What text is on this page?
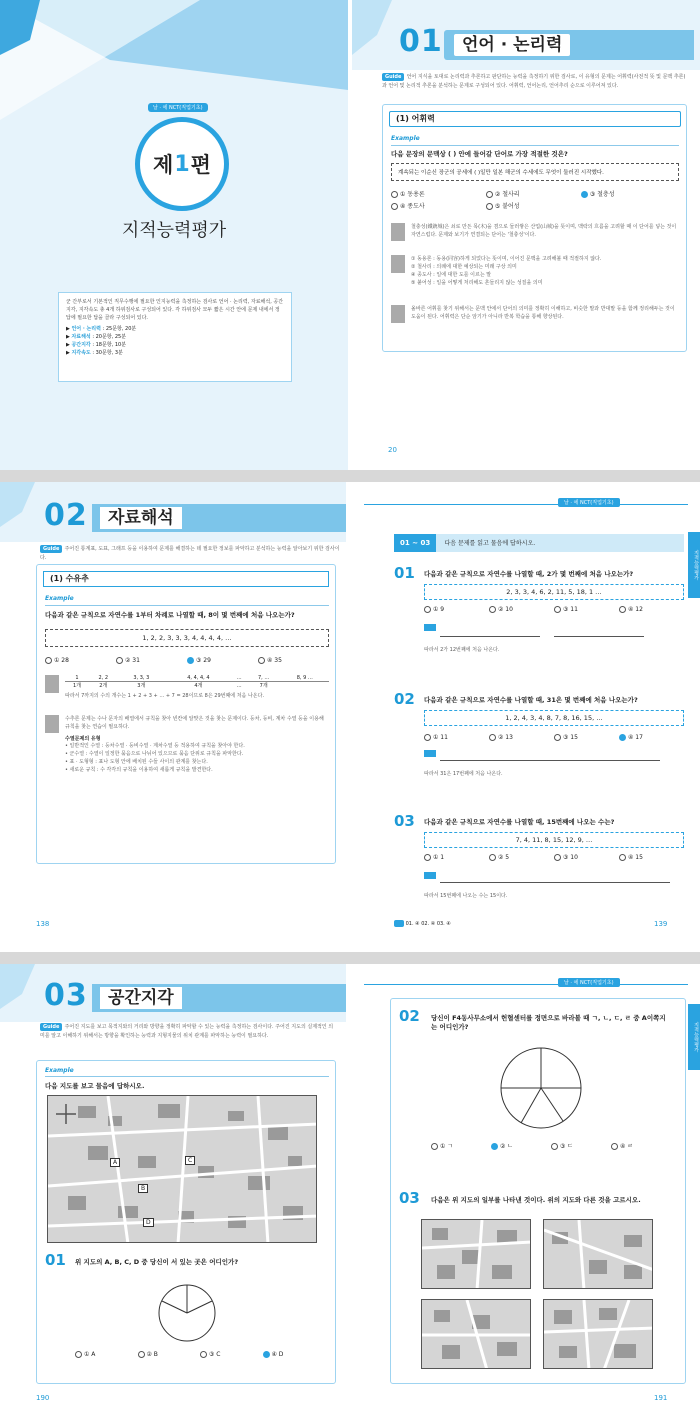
날 · 에 NCT(직업기초)
제 1 편
지적능력평가
군 간부로서 기본적인 직무수행에 필요한 인지능력을 측정하는 검사로 언어 · 논리력, 자료해석, 공간지각, 지각속도 총 4개 하위검사로 구성되어 있다. 각 하위검사 모두 짧은 시간 안에 문제 내에서 정답에 필요한 답을 골라 구성되어 있다.
▶ 언어 · 논리력 : 25문항, 20분
▶ 자료해석 : 20문항, 25분
▶ 공간지각 : 18문항, 10분
▶ 지각속도 : 30문항, 3분
01	언어 · 논리력
Guide 언어 지식을 토대로 논리력과 추론하고 판단하는 능력을 측정하기 위한 검사로, 이 유형의 문제는 어휘력(사전적 뜻 및 문맥 추론)과 언어 및 논리적 추론을 분석하는 문제로 구성되어 있다. 어휘력, 언어논리, 언어추리 순으로 이루어져 있다.
(1) 어휘력
Example
다음 문장의 문맥상 ( ) 안에 들어갈 단어로 가장 적절한 것은?
계속되는 이순신 장군의 공세에 ( )일만 일본 해군의 수세에도 무엇이 둘러진 시작했다.
① 동용론	② 철사리	③ 철충성
④ 종도사	⑤ 붙어성
철충성(鐵銃城)은 쇠로 만든 목(木)을 겸으로 둘러쌓은 산업(山城)을 뜻이며, 맥락의 흐름을 고려할 때 이 단어를 넣는 것이 자연스럽다. 문제와 보기가 연결되는 단어는 '철충성'이다.
① 동용론 : 동용(同容)하게 되었다는 뜻이며, 이어진 문맥을 고려해볼 때 적절하지 않다.
② 철사리 : 의례에 대한 예상되는 미래 구상 의미
④ 종도사 : 일에 대한 도를 이르는 말
⑤ 붙어성 : 일을 어떻게 처리해도 흔들리지 않는 성질을 의미
올바른 어휘를 찾기 위해서는 문맥 안에서 단어의 의미를 정확히 이해하고, 비슷한 말과 반대말 등을 함께 정리해두는 것이 도움이 된다. 어휘력은 단순 암기가 아니라 반복 학습을 통해 향상된다.
20
02	자료해석
Guide 주어진 통계표, 도표, 그래프 등을 이용하여 문제를 해결하는 데 필요한 정보를 파악하고 분석하는 능력을 알아보기 위한 검사이다.
(1) 수유추
Example
다음과 같은 규칙으로 자연수를 1부터 차례로 나열할 때, 8이 몇 번째에 처음 나오는가?
1, 2, 2, 3, 3, 3, 4, 4, 4, 4, …
① 28	② 31	③ 29	④ 35
1	2, 2	3, 3, 3	4, 4, 4, 4	…	7, …	8, 9 …
1개	2개	3개	4개	…	7개	
따라서 7까지의 수의 개수는 1 + 2 + 3 + … + 7 = 28이므로 8은 29번째에 처음 나온다.
수추론 문제는 수나 문자의 배열에서 규칙을 찾아 빈칸에 알맞은 것을 찾는 문제이다. 등차, 등비, 계차 수열 등을 이용해 규칙을 찾는 연습이 필요하다.
수열문제의 유형
• 일반적인 수열 : 등차수열 · 등비수열 · 계차수열 등 적용하여 규칙을 찾아야 한다.
• 군수열 : 수열이 일정한 묶음으로 나뉘어 있으므로 묶음 단위로 규칙을 파악한다.
• 표 · 도형형 : 표나 도형 안에 배치된 수들 사이의 관계를 찾는다.
• 새로운 규칙 : 수 각각의 규칙을 이용하여 새롭게 규칙을 발견한다.
138
날 · 에 NCT(직업기초)
01 ~ 03 다음 문제를 읽고 물음에 답하시오.
지적능력평가
01 다음과 같은 규칙으로 자연수를 나열할 때, 2가 몇 번째에 처음 나오는가?
2, 3, 3, 4, 6, 2, 11, 5, 18, 1 …
① 9	② 10	③ 11	④ 12
따라서 2가 12번째에 처음 나온다.
02 다음과 같은 규칙으로 자연수를 나열할 때, 31은 몇 번째에 처음 나오는가?
1, 2, 4, 3, 4, 8, 7, 8, 16, 15, …
① 11	② 13	③ 15	④ 17
따라서 31은 17번째에 처음 나온다.
03 다음과 같은 규칙으로 자연수를 나열할 때, 15번째에 나오는 수는?
7, 4, 11, 8, 15, 12, 9, …
① 1	② 5	③ 10	④ 15
따라서 15번째에 나오는 수는 15이다.
01. ④ 02. ④ 03. ④	139
03	공간지각
Guide 주어진 지도를 보고 목적지와의 거리와 방향을 정확히 파악할 수 있는 능력을 측정하는 검사이다. 주어진 지도의 실제적인 의미를 알고 이해하기 위해서는 방향을 확인하는 능력과 지형지물의 위치 관계를 파악하는 능력이 필요하다.
Example
다음 지도를 보고 물음에 답하시오.
A
B
C
D
01 위 지도의 A, B, C, D 중 당신이 서 있는 곳은 어디인가?
① A	② B	③ C	④ D
190
날 · 에 NCT(직업기초)
지적능력평가
02 당신이 F4동사무소에서 헌혈센터를 정면으로 바라볼 때 ㄱ, ㄴ, ㄷ, ㄹ 중 A이쪽지는 어디인가?
① ㄱ	② ㄴ	③ ㄷ	④ ㄹ
03 다음은 위 지도의 일부를 나타낸 것이다. 위의 지도와 다른 것을 고르시오.
191
